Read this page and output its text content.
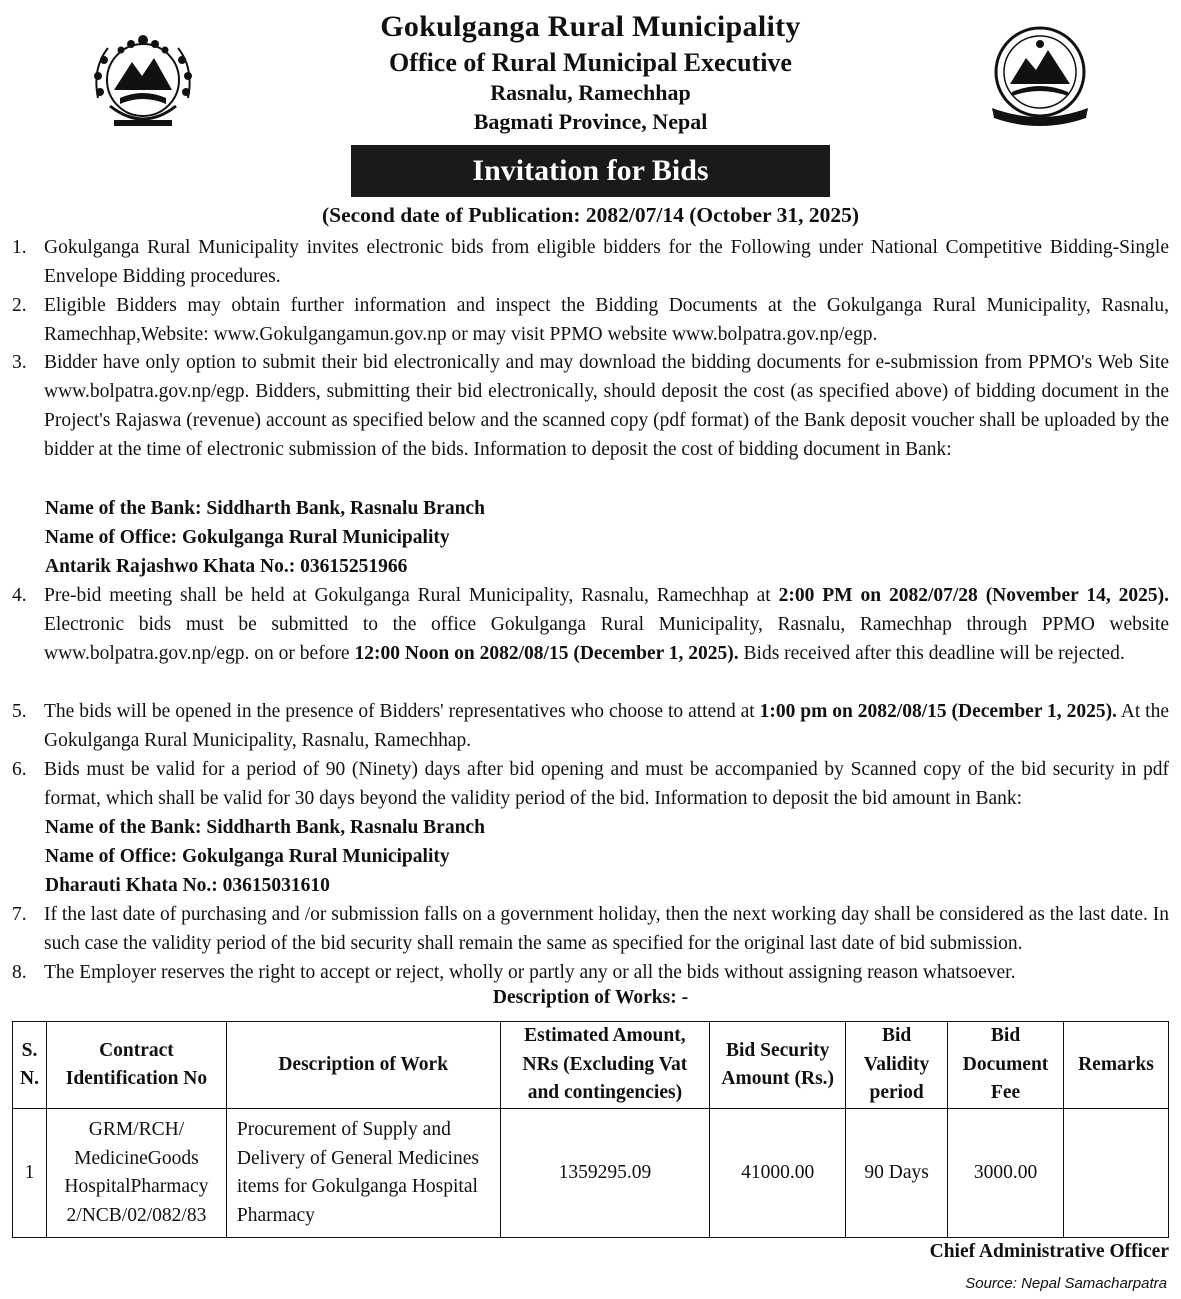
Gokulganga Rural Municipality
Office of Rural Municipal Executive
Rasnalu, Ramechhap
Bagmati Province, Nepal
Invitation for Bids
(Second date of Publication: 2082/07/14 (October 31, 2025)
1. Gokulganga Rural Municipality invites electronic bids from eligible bidders for the Following under National Competitive Bidding-Single Envelope Bidding procedures.
2. Eligible Bidders may obtain further information and inspect the Bidding Documents at the Gokulganga Rural Municipality, Rasnalu, Ramechhap,Website: www.Gokulgangamun.gov.np or may visit PPMO website www.bolpatra.gov.np/egp.
3. Bidder have only option to submit their bid electronically and may download the bidding documents for e-submission from PPMO's Web Site www.bolpatra.gov.np/egp. Bidders, submitting their bid electronically, should deposit the cost (as specified above) of bidding document in the Project's Rajaswa (revenue) account as specified below and the scanned copy (pdf format) of the Bank deposit voucher shall be uploaded by the bidder at the time of electronic submission of the bids. Information to deposit the cost of bidding document in Bank:
Name of the Bank: Siddharth Bank, Rasnalu Branch
Name of Office: Gokulganga Rural Municipality
Antarik Rajashwo Khata No.: 03615251966
4. Pre-bid meeting shall be held at Gokulganga Rural Municipality, Rasnalu, Ramechhap at 2:00 PM on 2082/07/28 (November 14, 2025). Electronic bids must be submitted to the office Gokulganga Rural Municipality, Rasnalu, Ramechhap through PPMO website www.bolpatra.gov.np/egp. on or before 12:00 Noon on 2082/08/15 (December 1, 2025). Bids received after this deadline will be rejected.
5. The bids will be opened in the presence of Bidders' representatives who choose to attend at 1:00 pm on 2082/08/15 (December 1, 2025). At the Gokulganga Rural Municipality, Rasnalu, Ramechhap.
6. Bids must be valid for a period of 90 (Ninety) days after bid opening and must be accompanied by Scanned copy of the bid security in pdf format, which shall be valid for 30 days beyond the validity period of the bid. Information to deposit the bid amount in Bank:
Name of the Bank: Siddharth Bank, Rasnalu Branch
Name of Office: Gokulganga Rural Municipality
Dharauti Khata No.: 03615031610
7. If the last date of purchasing and /or submission falls on a government holiday, then the next working day shall be considered as the last date. In such case the validity period of the bid security shall remain the same as specified for the original last date of bid submission.
8. The Employer reserves the right to accept or reject, wholly or partly any or all the bids without assigning reason whatsoever.
Description of Works: -
S. N.	Contract Identification No	Description of Work	Estimated Amount, NRs (Excluding Vat and contingencies)	Bid Security Amount (Rs.)	Bid Validity period	Bid Document Fee	Remarks
1	GRM/RCH/ MedicineGoods HospitalPharmacy 2/NCB/02/082/83	Procurement of Supply and Delivery of General Medicines items for Gokulganga Hospital Pharmacy	1359295.09	41000.00	90 Days	3000.00	
Chief Administrative Officer
Source: Nepal Samacharpatra
